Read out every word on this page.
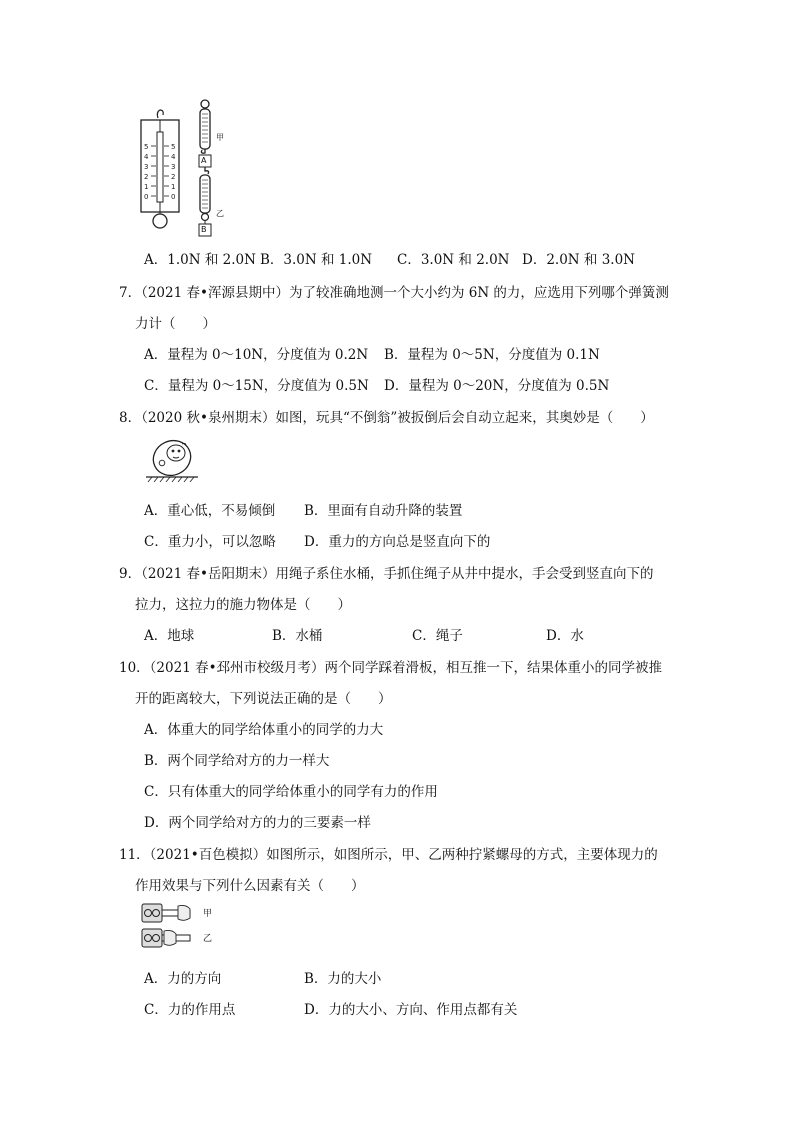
5	5
4	4
3	3
2	2
1	1
0	0
甲
A
乙
B
A．1.0N 和 2.0N B．3.0N 和 1.0N C．3.0N 和 2.0N D．2.0N 和 3.0N
7．（2021 春•浑源县期中）为了较准确地测一个大小约为 6N 的力，应选用下列哪个弹簧测
力计（　　）
A．量程为 0～10N，分度值为 0.2N B．量程为 0～5N，分度值为 0.1N
C．量程为 0～15N，分度值为 0.5N D．量程为 0～20N，分度值为 0.5N
8．（2020 秋•泉州期末）如图，玩具“不倒翁”被扳倒后会自动立起来，其奥妙是（　　）
A．重心低，不易倾倒 B．里面有自动升降的装置
C．重力小，可以忽略 D．重力的方向总是竖直向下的
9．（2021 春•岳阳期末）用绳子系住水桶，手抓住绳子从井中提水，手会受到竖直向下的
拉力，这拉力的施力物体是（　　）
A．地球	B．水桶	C．绳子	D．水
10．（2021 春•邳州市校级月考）两个同学踩着滑板，相互推一下，结果体重小的同学被推
开的距离较大，下列说法正确的是（　　）
A．体重大的同学给体重小的同学的力大
B．两个同学给对方的力一样大
C．只有体重大的同学给体重小的同学有力的作用
D．两个同学给对方的力的三要素一样
11．（2021•百色模拟）如图所示，如图所示，甲、乙两种拧紧螺母的方式，主要体现力的
作用效果与下列什么因素有关（　　）
甲
乙
A．力的方向	B．力的大小
C．力的作用点	D．力的大小、方向、作用点都有关
